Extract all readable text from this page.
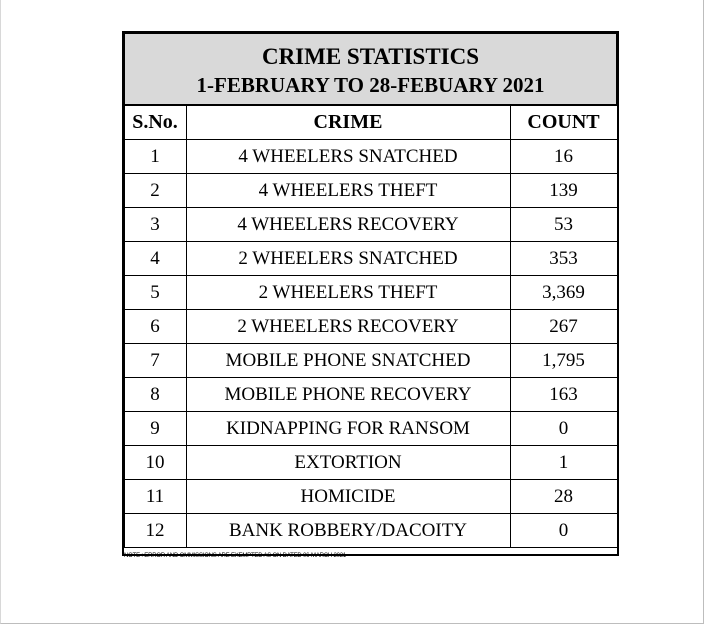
CRIME STATISTICS
1-FEBRUARY TO 28-FEBUARY 2021		

S.No.	CRIME	COUNT
1	4 WHEELERS SNATCHED	16
2	4 WHEELERS THEFT	139
3	4 WHEELERS RECOVERY	53
4	2 WHEELERS SNATCHED	353
5	2 WHEELERS THEFT	3,369
6	2 WHEELERS RECOVERY	267
7	MOBILE PHONE SNATCHED	1,795
8	MOBILE PHONE RECOVERY	163
9	KIDNAPPING FOR RANSOM	0
10	EXTORTION	1
11	HOMICIDE	28
12	BANK ROBBERY/DACOITY	0
NOTE : ERROR AND OMMISSIONS ARE EXEMPTED AS ON DATED 06-MARCH 2021
